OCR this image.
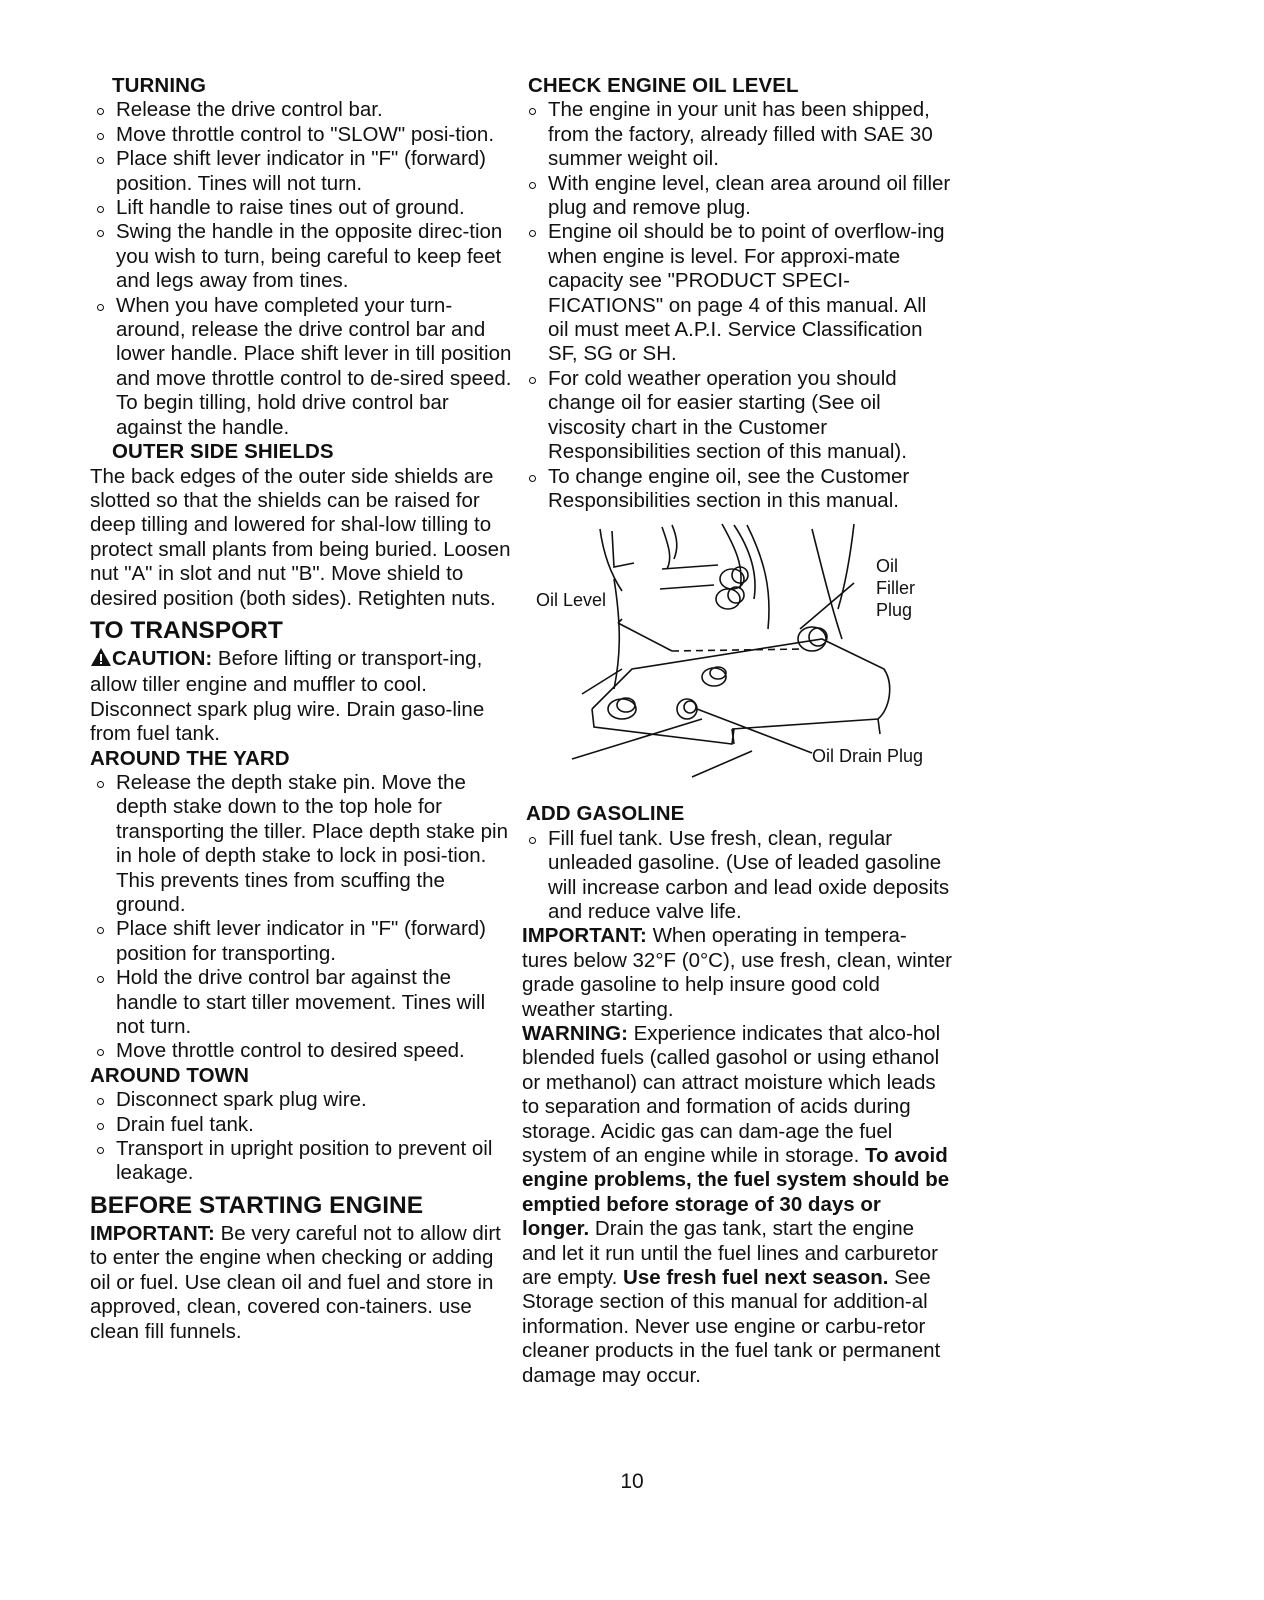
TURNING
Release the drive control bar.
Move throttle control to "SLOW" posi-tion.
Place shift lever indicator in "F" (forward) position. Tines will not turn.
Lift handle to raise tines out of ground.
Swing the handle in the opposite direc-tion you wish to turn, being careful to keep feet and legs away from tines.
When you have completed your turn-around, release the drive control bar and lower handle. Place shift lever in till position and move throttle control to de-sired speed. To begin tilling, hold drive control bar against the handle.
OUTER SIDE SHIELDS

The back edges of the outer side shields are slotted so that the shields can be raised for deep tilling and lowered for shal-low tilling to protect small plants from being buried. Loosen nut "A" in slot and nut "B". Move shield to desired position (both sides). Retighten nuts.

TO TRANSPORT

CAUTION: Before lifting or transport-ing, allow tiller engine and muffler to cool. Disconnect spark plug wire. Drain gaso-line from fuel tank.

AROUND THE YARD
Release the depth stake pin. Move the depth stake down to the top hole for transporting the tiller. Place depth stake pin in hole of depth stake to lock in posi-tion. This prevents tines from scuffing the ground.
Place shift lever indicator in "F" (forward) position for transporting.
Hold the drive control bar against the handle to start tiller movement. Tines will not turn.
Move throttle control to desired speed.
AROUND TOWN
Disconnect spark plug wire.
Drain fuel tank.
Transport in upright position to prevent oil leakage.
BEFORE STARTING ENGINE

IMPORTANT: Be very careful not to allow dirt to enter the engine when checking or adding oil or fuel. Use clean oil and fuel and store in approved, clean, covered con-tainers. use clean fill funnels.

CHECK ENGINE OIL LEVEL
The engine in your unit has been shipped, from the factory, already filled with SAE 30 summer weight oil.
With engine level, clean area around oil filler plug and remove plug.
Engine oil should be to point of overflow-ing when engine is level. For approxi-mate capacity see "PRODUCT SPECI-FICATIONS" on page 4 of this manual. All oil must meet A.P.I. Service Classification SF, SG or SH.
For cold weather operation you should change oil for easier starting (See oil viscosity chart in the Customer Responsibilities section of this manual).
To change engine oil, see the Customer Responsibilities section in this manual.
Oil Level
Oil
Filler
Plug
Oil Drain Plug
ADD GASOLINE
Fill fuel tank. Use fresh, clean, regular unleaded gasoline. (Use of leaded gasoline will increase carbon and lead oxide deposits and reduce valve life.

IMPORTANT: When operating in tempera-tures below 32°F (0°C), use fresh, clean, winter grade gasoline to help insure good cold weather starting.

WARNING: Experience indicates that alco-hol blended fuels (called gasohol or using ethanol or methanol) can attract moisture which leads to separation and formation of acids during storage. Acidic gas can dam-age the fuel system of an engine while in storage. To avoid engine problems, the fuel system should be emptied before storage of 30 days or longer. Drain the gas tank, start the engine and let it run until the fuel lines and carburetor are empty. Use fresh fuel next season. See Storage section of this manual for addition-al information. Never use engine or carbu-retor cleaner products in the fuel tank or permanent damage may occur.

10
